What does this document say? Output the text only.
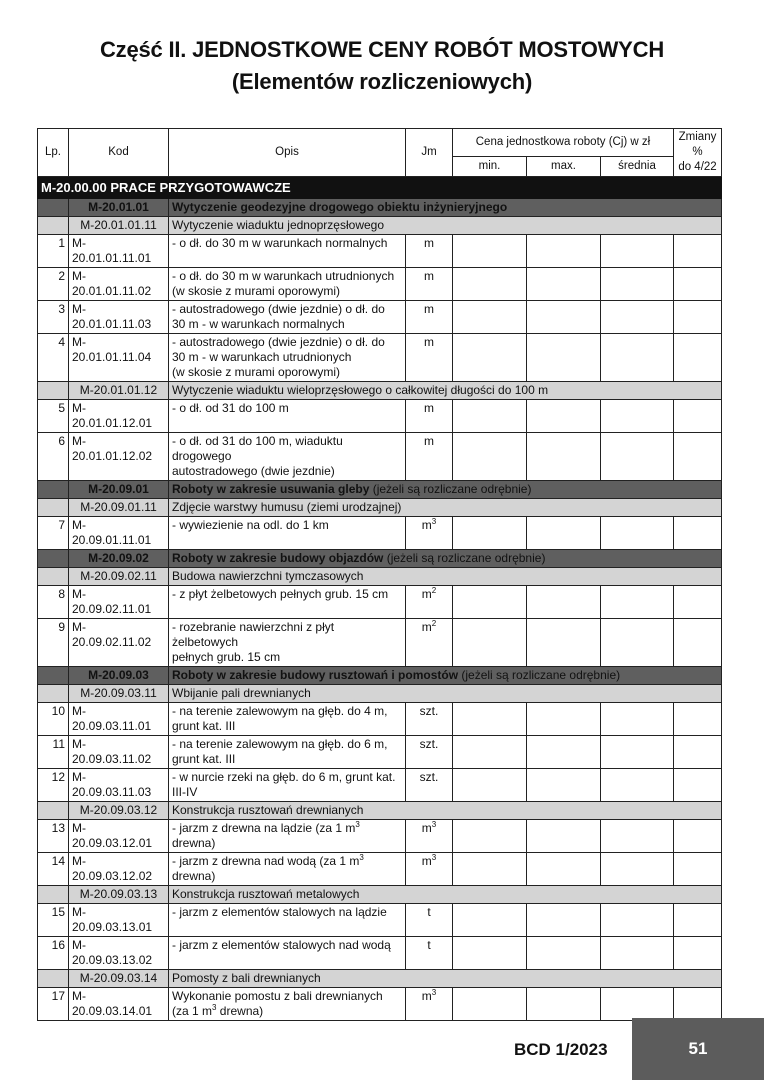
Część II. JEDNOSTKOWE CENY ROBÓT MOSTOWYCH
(Elementów rozliczeniowych)
Lp.	Kod	Opis	Jm	Cena jednostkowa roboty (Cj) w zł			Zmiany %
do 4/22

				min.	max.	średnia	
M-20.00.00 PRACE PRZYGOTOWAWCZE							
	M-20.01.01	Wytyczenie geodezyjne drogowego obiektu inżynieryjnego					
	M-20.01.01.11	Wytyczenie wiaduktu jednoprzęsłowego					
1	M-20.01.01.11.01	- o dł. do 30 m w warunkach normalnych	m				
2	M-20.01.01.11.02	- o dł. do 30 m w warunkach utrudnionych
(w skosie z murami oporowymi)	m				
3	M-20.01.01.11.03	- autostradowego (dwie jezdnie) o dł. do
30 m - w warunkach normalnych	m				
4	M-20.01.01.11.04	- autostradowego (dwie jezdnie) o dł. do
30 m - w warunkach utrudnionych
(w skosie z murami oporowymi)	m				
	M-20.01.01.12	Wytyczenie wiaduktu wieloprzęsłowego o całkowitej długości do 100 m					
5	M-20.01.01.12.01	- o dł. od 31 do 100 m	m				
6	M-20.01.01.12.02	- o dł. od 31 do 100 m, wiaduktu drogowego
autostradowego (dwie jezdnie)	m				
	M-20.09.01	Roboty w zakresie usuwania gleby (jeżeli są rozliczane odrębnie)					
	M-20.09.01.11	Zdjęcie warstwy humusu (ziemi urodzajnej)					
7	M-20.09.01.11.01	- wywiezienie na odl. do 1 km	$m^3$				
	M-20.09.02	Roboty w zakresie budowy objazdów (jeżeli są rozliczane odrębnie)					
	M-20.09.02.11	Budowa nawierzchni tymczasowych					
8	M-20.09.02.11.01	- z płyt żelbetowych pełnych grub. 15 cm	$m^2$				
9	M-20.09.02.11.02	- rozebranie nawierzchni z płyt żelbetowych
pełnych grub. 15 cm	$m^2$				
	M-20.09.03	Roboty w zakresie budowy rusztowań i pomostów (jeżeli są rozliczane odrębnie)					
	M-20.09.03.11	Wbijanie pali drewnianych					
10	M-20.09.03.11.01	- na terenie zalewowym na głęb. do 4 m,
grunt kat. III	szt.				
11	M-20.09.03.11.02	- na terenie zalewowym na głęb. do 6 m,
grunt kat. III	szt.				
12	M-20.09.03.11.03	- w nurcie rzeki na głęb. do 6 m, grunt kat.
III-IV	szt.				
	M-20.09.03.12	Konstrukcja rusztowań drewnianych					
13	M-20.09.03.12.01	- jarzm z drewna na lądzie (za 1 $m^3$ drewna)	$m^3$				
14	M-20.09.03.12.02	- jarzm z drewna nad wodą (za 1 $m^3$ drewna)	$m^3$				
	M-20.09.03.13	Konstrukcja rusztowań metalowych					
15	M-20.09.03.13.01	- jarzm z elementów stalowych na lądzie	t				
16	M-20.09.03.13.02	- jarzm z elementów stalowych nad wodą	t				
	M-20.09.03.14	Pomosty z bali drewnianych					
17	M-20.09.03.14.01	Wykonanie pomostu z bali drewnianych
(za 1 $m^3$ drewna)	$m^3$				
BCD 1/2023	51
